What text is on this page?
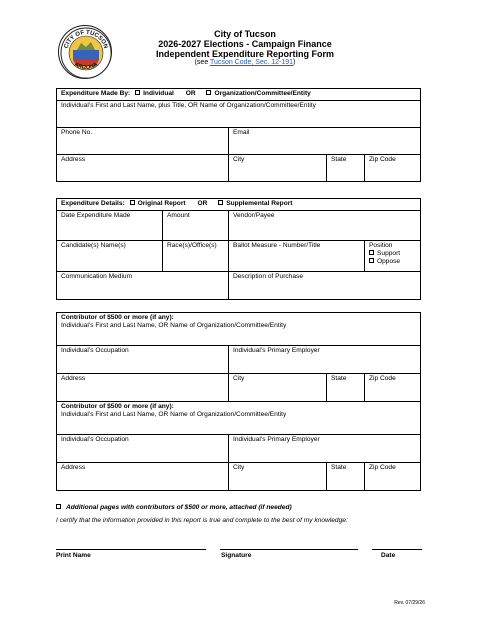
CITY OF TUCSON
ARIZONA
City of Tucson
2026-2027 Elections - Campaign Finance
Independent Expenditure Reporting Form
(see Tucson Code, Sec. 12-191)
Expenditure Made By: Individual OR Organization/Committee/Entity			
Individual’s First and Last Name, plus Title, OR Name of Organization/Committee/Entity			
Phone No.	Email		
Address	City	State	Zip Code
Expenditure Details: Original Report OR Supplemental Report			
Date Expenditure Made	Amount	Vendor/Payee	
Candidate(s) Name(s)	Race(s)/Office(s)	Ballot Measure - Number/Title	Position
Support
Oppose

Communication Medium		Description of Purchase	
Contributor of $500 or more (if any):
Individual’s First and Last Name, OR Name of Organization/Committee/Entity			

Individual’s Occupation	Individual’s Primary Employer		
Address	City	State	Zip Code

Contributor of $500 or more (if any):
Individual’s First and Last Name, OR Name of Organization/Committee/Entity			

Individual’s Occupation	Individual’s Primary Employer		
Address	City	State	Zip Code
Additional pages with contributors of $500 or more, attached (if needed)
I certify that the information provided in this report is true and complete to the best of my knowledge:
Print Name	Signature	Date
Rev. 07/29/26
